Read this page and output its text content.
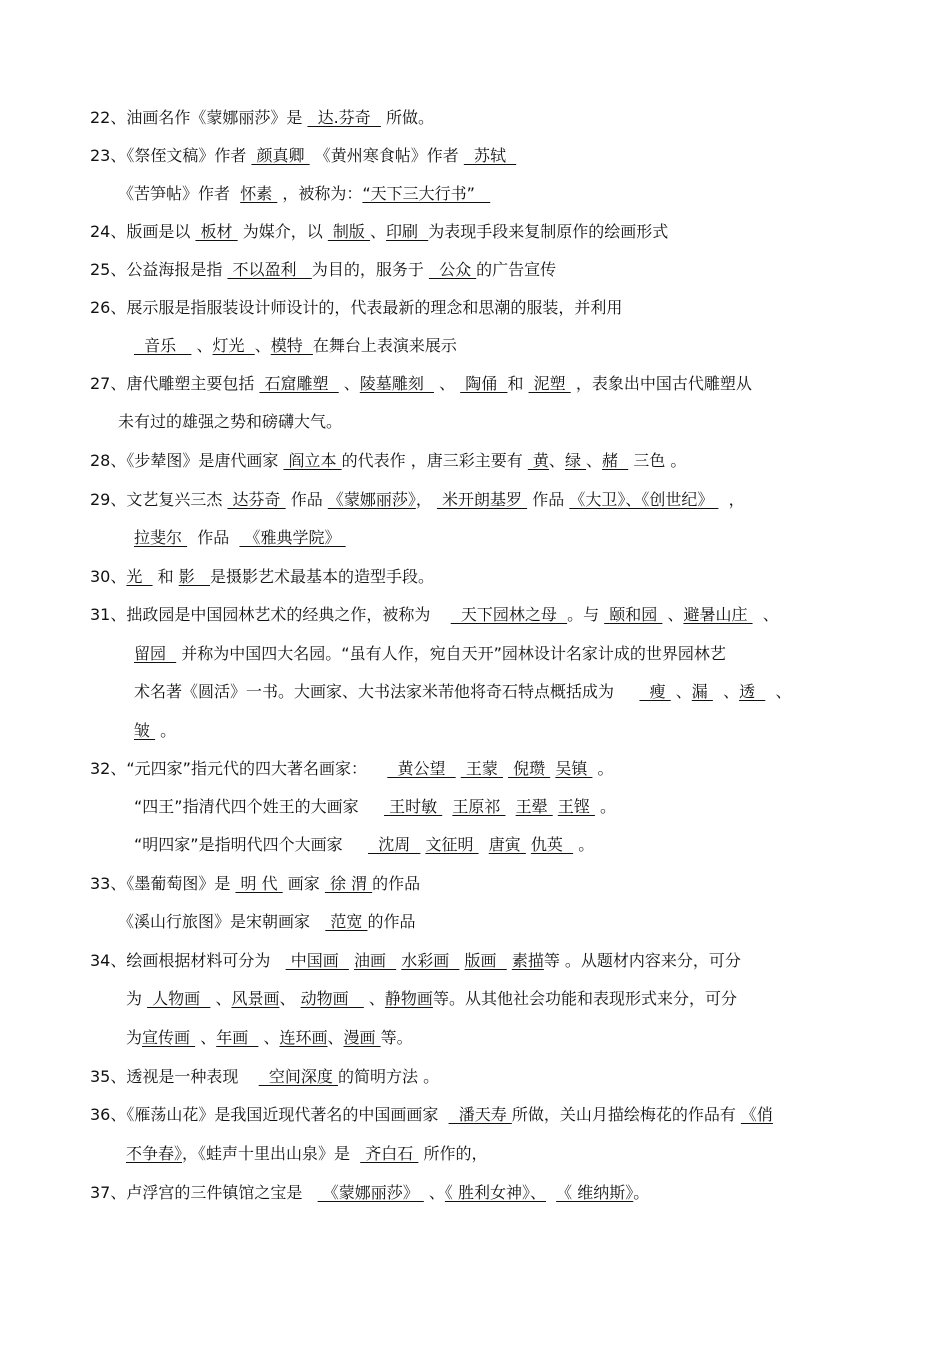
22、油画名作《蒙娜丽莎》是   达.芬奇   所做。
23、《祭侄文稿》作者  颜真卿  《黄州寒食帖》作者   苏轼
《苦笋帖》作者  怀素  ，被称为：“天下三大行书”
24、版画是以  板材  为媒介，以  制版 、印刷  为表现手段来复制原作的绘画形式
25、公益海报是指  不以盈利   为目的，服务于   公众 的广告宣传
26、展示服是指服装设计师设计的，代表最新的理念和思潮的服装，并利用
音乐    、灯光  、模特  在舞台上表演来展示
27、唐代雕塑主要包括  石窟雕塑   、陵墓雕刻   、  陶俑  和  泥塑  ，表象出中国古代雕塑从
未有过的雄强之势和磅礴大气。
28、《步辇图》是唐代画家  阎立本 的代表作 ，唐三彩主要有  黄、绿 、赭   三色 。
29、文艺复兴三杰  达芬奇  作品 《蒙娜丽莎》，  米开朗基罗  作品 《大卫》、《创世纪》   ，
拉斐尔   作品   《雅典学院》
30、光   和 影   是摄影艺术最基本的造型手段。
31、拙政园是中国园林艺术的经典之作，被称为      天下园林之母  。与  颐和园  、避暑山庄   、
留园   并称为中国四大名园。“虽有人作，宛自天开”园林设计名家计成的世界园林艺
术名著《圆活》一书。大画家、大书法家米芾他将奇石特点概括成为       瘦  、漏   、透    、
皱  。
32、“元四家”指元代的四大著名画家：      黄公望    王蒙   倪瓒  吴镇  。
“四王”指清代四个姓王的大画家      王时敏   王原祁   王翚  王铿  。
“明四家”是指明代四个大画家       沈周   文征明   唐寅  仇英   。
33、《墨葡萄图》是  明 代  画家  徐 渭 的作品
《溪山行旅图》是宋朝画家    范宽 的作品
34、绘画根据材料可分为    中国画   油画   水彩画   版画   素描等 。从题材内容来分，可分
为  人物画   、风景画、 动物画    、静物画等。从其他社会功能和表现形式来分，可分
为宣传画  、年画   、连环画、漫画 等。
35、透视是一种表现      空间深度 的简明方法 。
36、《雁荡山花》是我国近现代著名的中国画画家    潘天寿 所做，关山月描绘梅花的作品有 《俏
不争春》，《蛙声十里出山泉》是   齐白石  所作的，
37、卢浮宫的三件镇馆之宝是    《蒙娜丽莎》  、《 胜利女神》、 《 维纳斯》。
